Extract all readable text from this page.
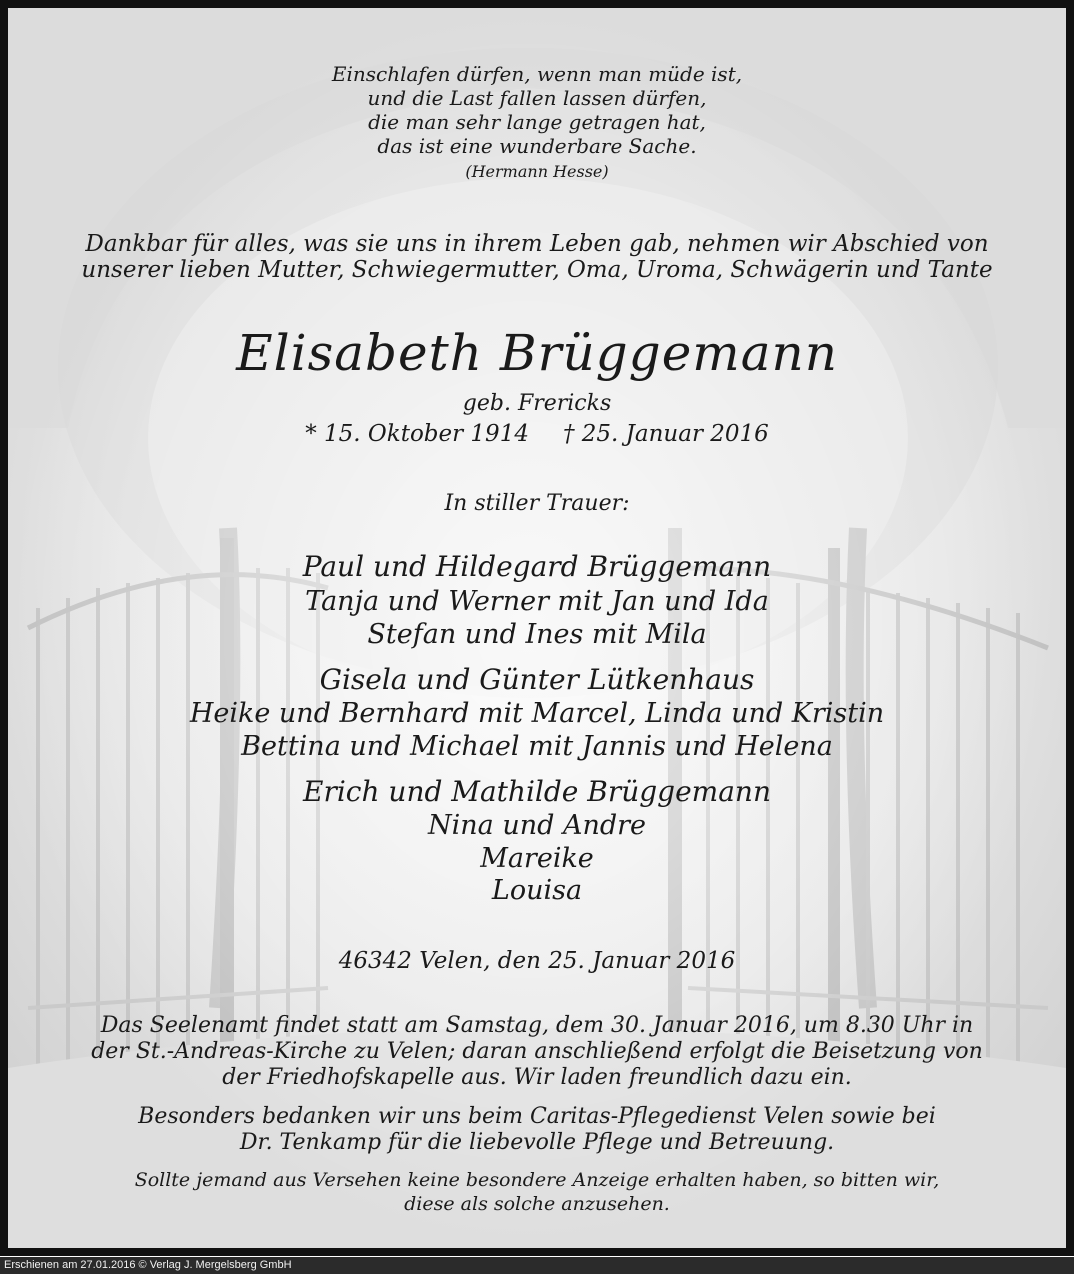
Einschlafen dürfen, wenn man müde ist,
und die Last fallen lassen dürfen,
die man sehr lange getragen hat,
das ist eine wunderbare Sache.
(Hermann Hesse)
Dankbar für alles, was sie uns in ihrem Leben gab, nehmen wir Abschied von
unserer lieben Mutter, Schwiegermutter, Oma, Uroma, Schwägerin und Tante
Elisabeth Brüggemann
geb. Frericks
* 15. Oktober 1914 † 25. Januar 2016
In stiller Trauer:
Paul und Hildegard Brüggemann
Tanja und Werner mit Jan und Ida
Stefan und Ines mit Mila
Gisela und Günter Lütkenhaus
Heike und Bernhard mit Marcel, Linda und Kristin
Bettina und Michael mit Jannis und Helena
Erich und Mathilde Brüggemann
Nina und Andre
Mareike
Louisa
46342 Velen, den 25. Januar 2016
Das Seelenamt findet statt am Samstag, dem 30. Januar 2016, um 8.30 Uhr in
der St.-Andreas-Kirche zu Velen; daran anschließend erfolgt die Beisetzung von
der Friedhofskapelle aus. Wir laden freundlich dazu ein.
Besonders bedanken wir uns beim Caritas-Pflegedienst Velen sowie bei
Dr. Tenkamp für die liebevolle Pflege und Betreuung.
Sollte jemand aus Versehen keine besondere Anzeige erhalten haben, so bitten wir,
diese als solche anzusehen.
Erschienen am 27.01.2016 © Verlag J. Mergelsberg GmbH
